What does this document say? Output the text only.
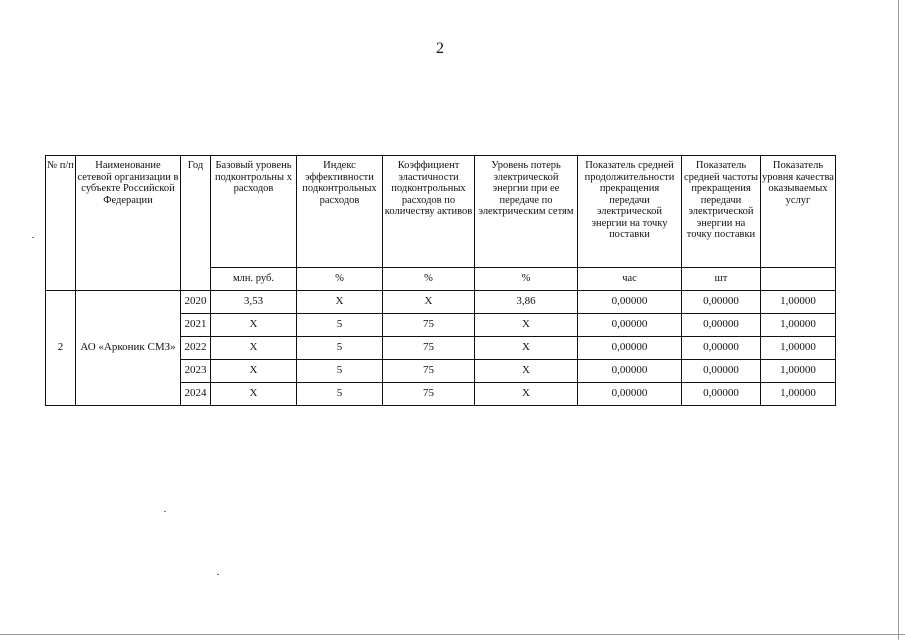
2
№ п/п	Наименование сетевой организации в субъекте Российской Федерации	Год	Базовый уровень подконтрольны х расходов	Индекс эффективности подконтрольных расходов	Коэффициент эластичности подконтрольных расходов по количеству активов	Уровень потерь электрической энергии при ее передаче по электрическим сетям	Показатель средней продолжительности прекращения передачи электрической энергии на точку поставки	Показатель средней частоты прекращения передачи электрической энергии на точку поставки	Показатель уровня качества оказываемых услуг
			млн. руб.	%	%	%	час	шт	
2	АО «Арконик СМЗ»	2020	3,53	X	X	3,86	0,00000	0,00000	1,00000
		2021	X	5	75	X	0,00000	0,00000	1,00000
		2022	X	5	75	X	0,00000	0,00000	1,00000
		2023	X	5	75	X	0,00000	0,00000	1,00000
		2024	X	5	75	X	0,00000	0,00000	1,00000
